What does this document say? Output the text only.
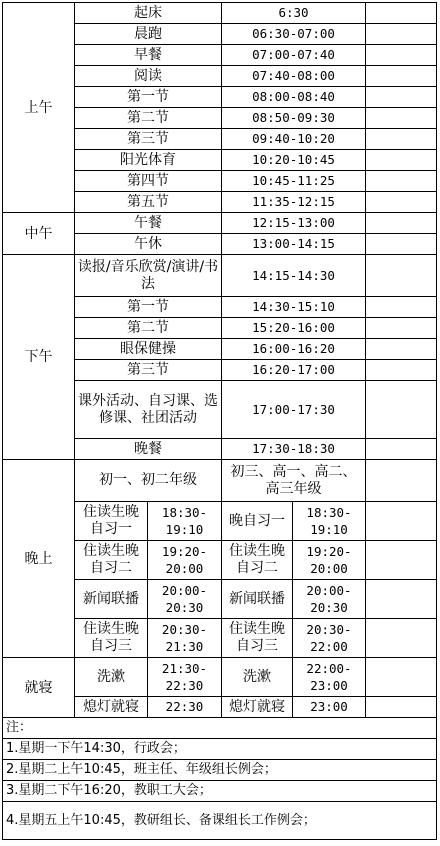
上午	起床		6:30		
	晨跑		06:30-07:00		
	早餐		07:00-07:40		
	阅读		07:40-08:00		
	第一节		08:00-08:40		
	第二节		08:50-09:30		
	第三节		09:40-10:20		
	阳光体育		10:20-10:45		
	第四节		10:45-11:25		
	第五节		11:35-12:15		
中午	午餐		12:15-13:00		
	午休		13:00-14:15		
下午	读报/音乐欣赏/演讲/书法		14:15-14:30		
	第一节		14:30-15:10		
	第二节		15:20-16:00		
	眼保健操		16:00-16:20		
	第三节		16:20-17:00		
	课外活动、自习课、选修课、社团活动		17:00-17:30		
	晚餐		17:30-18:30		
晚上	初一、初二年级		初三、高一、高二、高三年级		
	住读生晚自习一	18:30-19:10	晚自习一	18:30-19:10	
	住读生晚自习二	19:20-20:00	住读生晚自习二	19:20-20:00	
	新闻联播	20:00-20:30	新闻联播	20:00-20:30	
	住读生晚自习三	20:30-21:30	住读生晚自习三	20:30-22:00	
就寝	洗漱	21:30-22:30	洗漱	22:00-23:00	
	熄灯就寝	22:30	熄灯就寝	23:00	
注：					
1.星期一下午14:30，行政会；					
2.星期二上午10:45，班主任、年级组长例会；					
3.星期二下午16:20，教职工大会；					
4.星期五上午10:45，教研组长、备课组长工作例会；					
